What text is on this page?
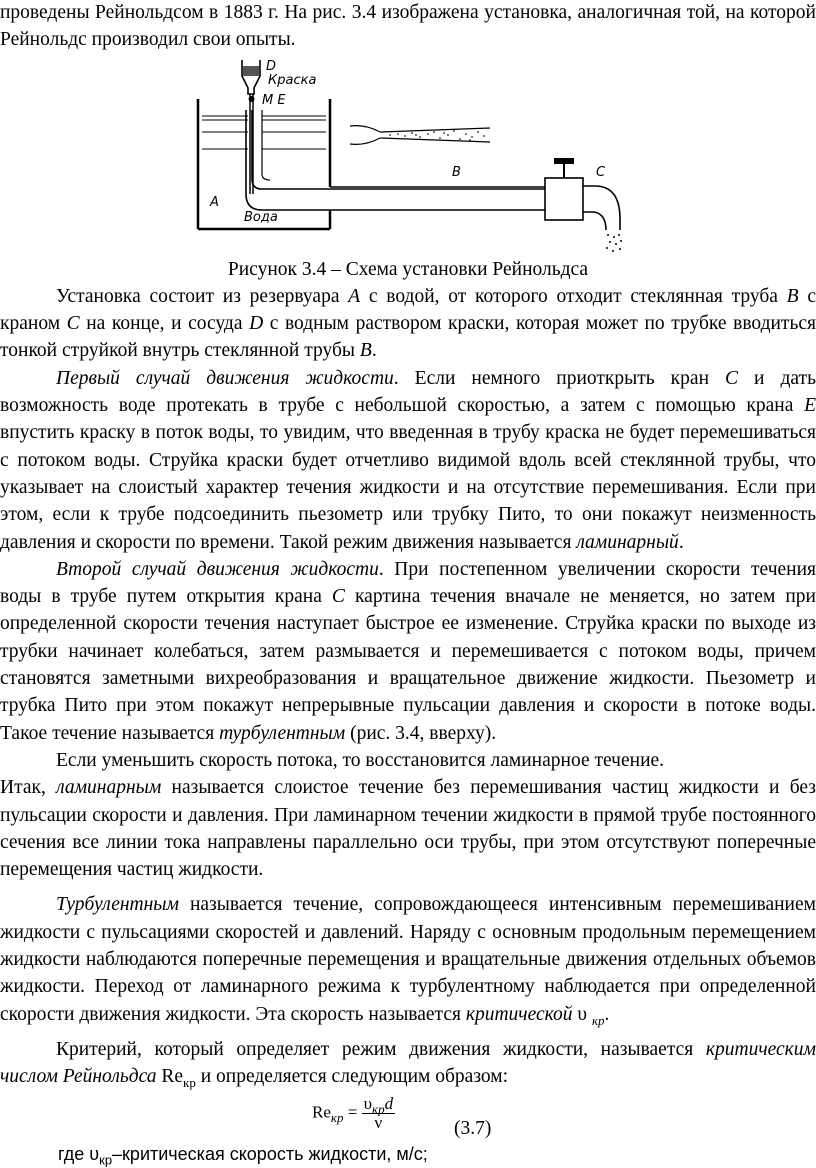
проведены Рейнольдсом в 1883 г. На рис. 3.4 изображена установка, аналогичная той, на которой Рейнольдс производил свои опыты.

D
Краска
M E
A
B	C
Вода

Рисунок 3.4 – Схема установки Рейнольдса

Установка состоит из резервуара А с водой, от которого отходит стеклянная труба В с краном С на конце, и сосуда D с водным раствором краски, которая может по трубке вводиться тонкой струйкой внутрь стеклянной трубы В.

Первый случай движения жидкости. Если немного приоткрыть кран С и дать возможность воде протекать в трубе с небольшой скоростью, а затем с помощью крана Е впустить краску в поток воды, то увидим, что введенная в трубу краска не будет перемешиваться с потоком воды. Струйка краски будет отчетливо видимой вдоль всей стеклянной трубы, что указывает на слоистый характер течения жидкости и на отсутствие перемешивания. Если при этом, если к трубе подсоединить пьезометр или трубку Пито, то они покажут неизменность давления и скорости по времени. Такой режим движения называется ламинарный.

Второй случай движения жидкости. При постепенном увеличении скорости течения воды в трубе путем открытия крана С картина течения вначале не меняется, но затем при определенной скорости течения наступает быстрое ее изменение. Струйка краски по выходе из трубки начинает колебаться, затем размывается и перемешивается с потоком воды, причем становятся заметными вихреобразования и вращательное движение жидкости. Пьезометр и трубка Пито при этом покажут непрерывные пульсации давления и скорости в потоке воды. Такое течение называется турбулентным (рис. 3.4, вверху).

Если уменьшить скорость потока, то восстановится ламинарное течение.

Итак, ламинарным называется слоистое течение без перемешивания частиц жидкости и без пульсации скорости и давления. При ламинарном течении жидкости в прямой трубе постоянного сечения все линии тока направлены параллельно оси трубы, при этом отсутствуют поперечные перемещения частиц жидкости.

Турбулентным называется течение, сопровождающееся интенсивным перемешиванием жидкости с пульсациями скоростей и давлений. Наряду с основным продольным перемещением жидкости наблюдаются поперечные перемещения и вращательные движения отдельных объемов жидкости. Переход от ламинарного режима к турбулентному наблюдается при определенной скорости движения жидкости. Эта скорость называется критической υ $_{кр}$.

Критерий, который определяет режим движения жидкости, называется критическим числом Рейнольдса $Re_{кр}$ и определяется следующим образом:

$Re_{кр} = \frac{\upsilon_{кр}d}{\nu}$	(3.7)

где $\upsilon_{кр}$–критическая скорость жидкости, м/с;
